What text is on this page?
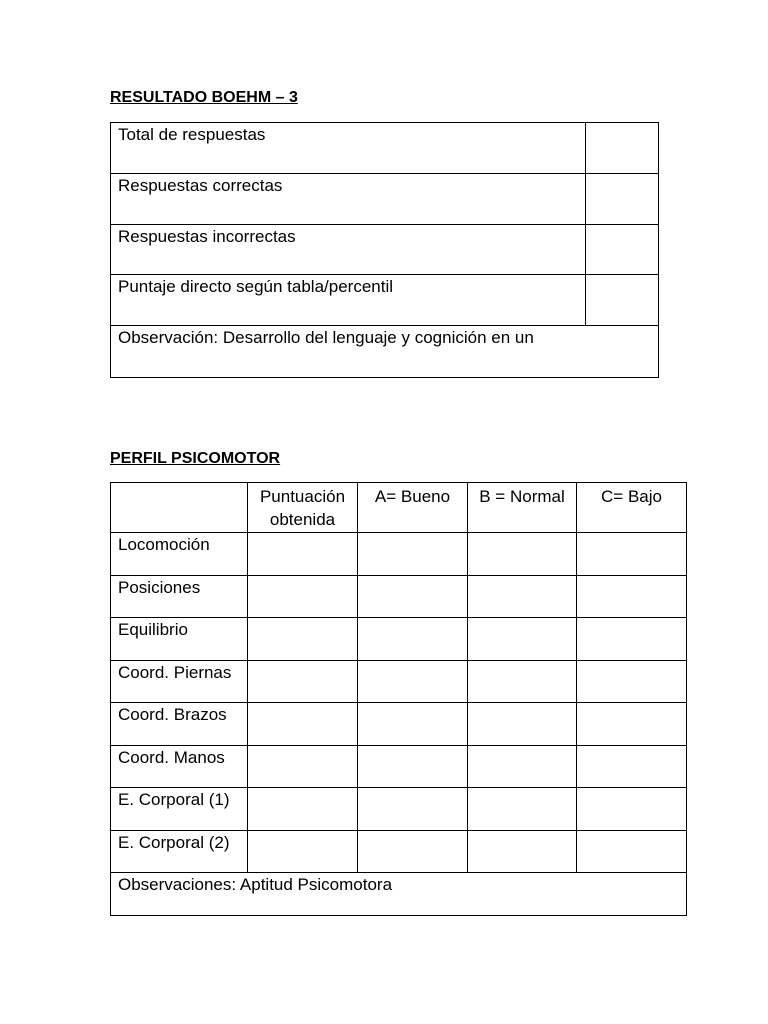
RESULTADO BOEHM – 3
Total de respuestas	

Respuestas correctas	

Respuestas incorrectas	

Puntaje directo según tabla/percentil	

Observación: Desarrollo del lenguaje y cognición en un	
PERFIL PSICOMOTOR

	Puntuación obtenida	A= Bueno	B = Normal	C= Bajo

Locomoción				

Posiciones				

Equilibrio				

Coord. Piernas				

Coord. Brazos				

Coord. Manos				

E. Corporal (1)				

E. Corporal (2)				

Observaciones: Aptitud Psicomotora				
